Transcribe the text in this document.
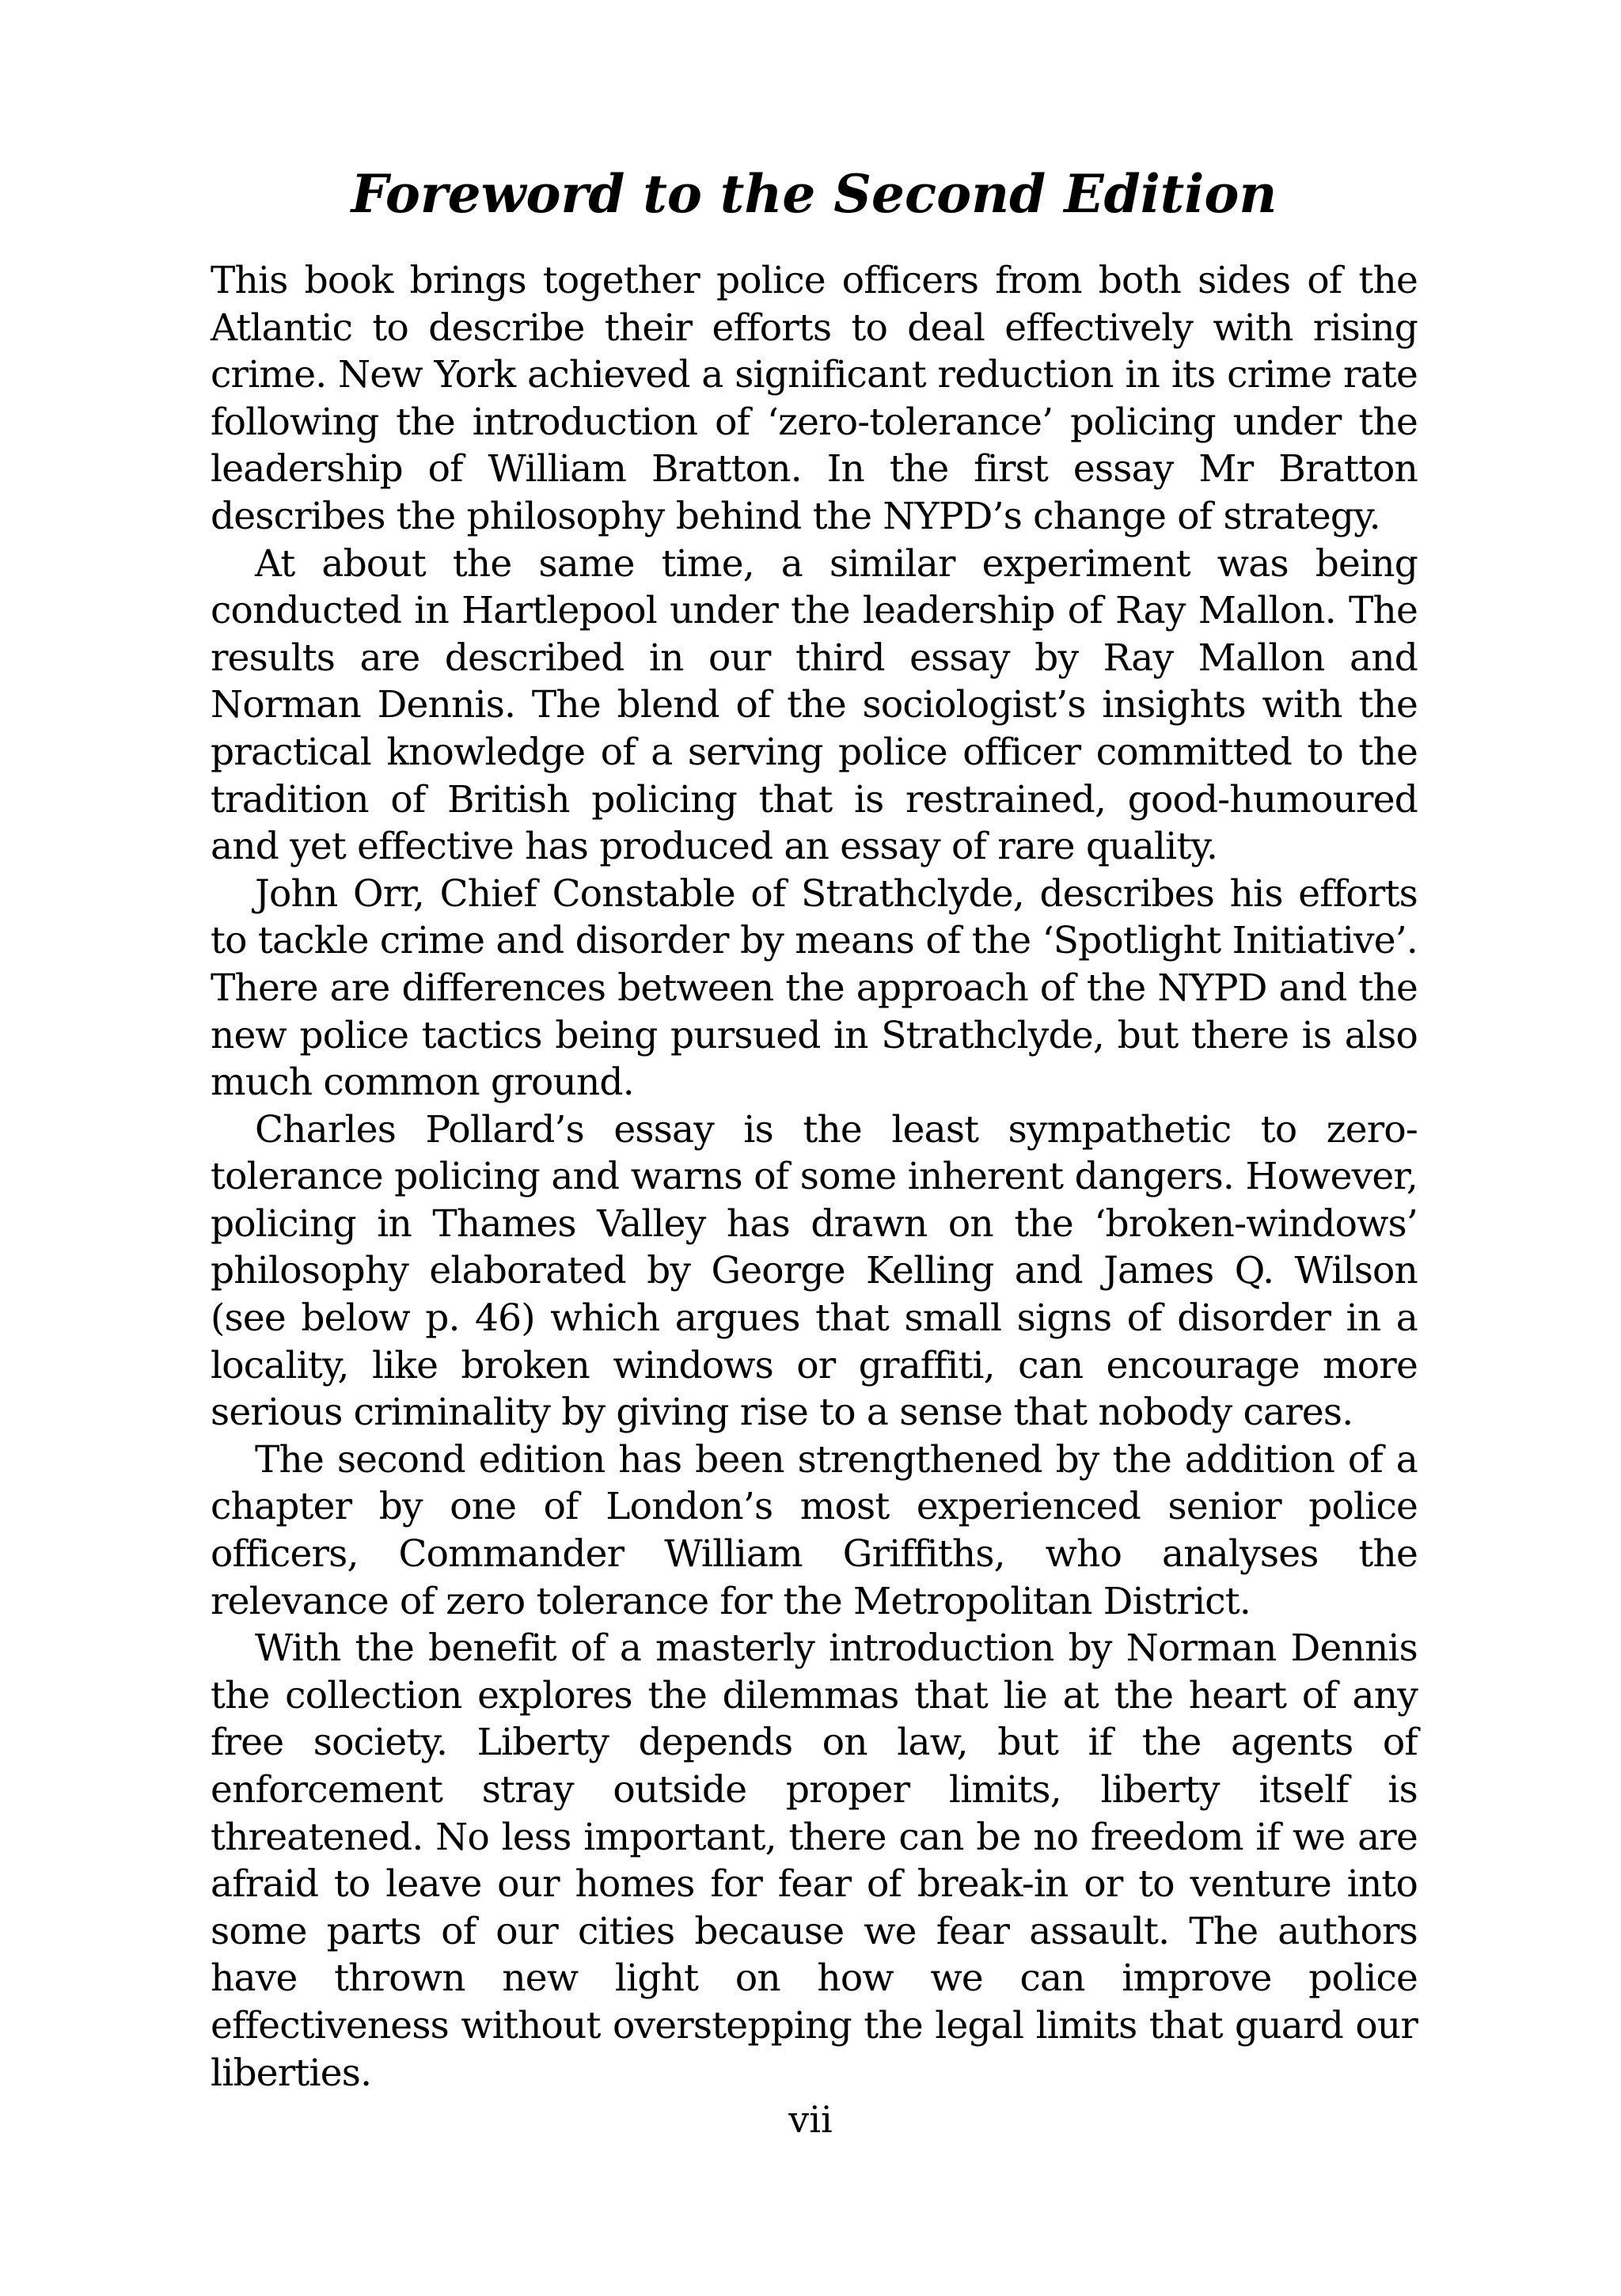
Foreword to the Second Edition

This book brings together police officers from both sides of the Atlantic to describe their efforts to deal effectively with rising crime. New York achieved a significant reduction in its crime rate following the introduction of ‘zero-tolerance’ policing under the leadership of William Bratton. In the first essay Mr Bratton describes the philosophy behind the NYPD’s change of strategy.

At about the same time, a similar experiment was being conducted in Hartlepool under the leadership of Ray Mallon. The results are described in our third essay by Ray Mallon and Norman Dennis. The blend of the sociologist’s insights with the practical knowledge of a serving police officer committed to the tradition of British policing that is restrained, good-humoured and yet effective has produced an essay of rare quality.

John Orr, Chief Constable of Strathclyde, describes his efforts to tackle crime and disorder by means of the ‘Spotlight Initiative’. There are differences between the approach of the NYPD and the new police tactics being pursued in Strathclyde, but there is also much common ground.

Charles Pollard’s essay is the least sympathetic to zero-tolerance policing and warns of some inherent dangers. However, policing in Thames Valley has drawn on the ‘broken-windows’ philosophy elaborated by George Kelling and James Q. Wilson (see below p. 46) which argues that small signs of disorder in a locality, like broken windows or graffiti, can encourage more serious criminality by giving rise to a sense that nobody cares.

The second edition has been strengthened by the addition of a chapter by one of London’s most experienced senior police officers, Commander William Griffiths, who analyses the relevance of zero tolerance for the Metropolitan District.

With the benefit of a masterly introduction by Norman Dennis the collection explores the dilemmas that lie at the heart of any free society. Liberty depends on law, but if the agents of enforcement stray outside proper limits, liberty itself is threatened. No less important, there can be no freedom if we are afraid to leave our homes for fear of break-in or to venture into some parts of our cities because we fear assault. The authors have thrown new light on how we can improve police effectiveness without overstepping the legal limits that guard our liberties.

vii
